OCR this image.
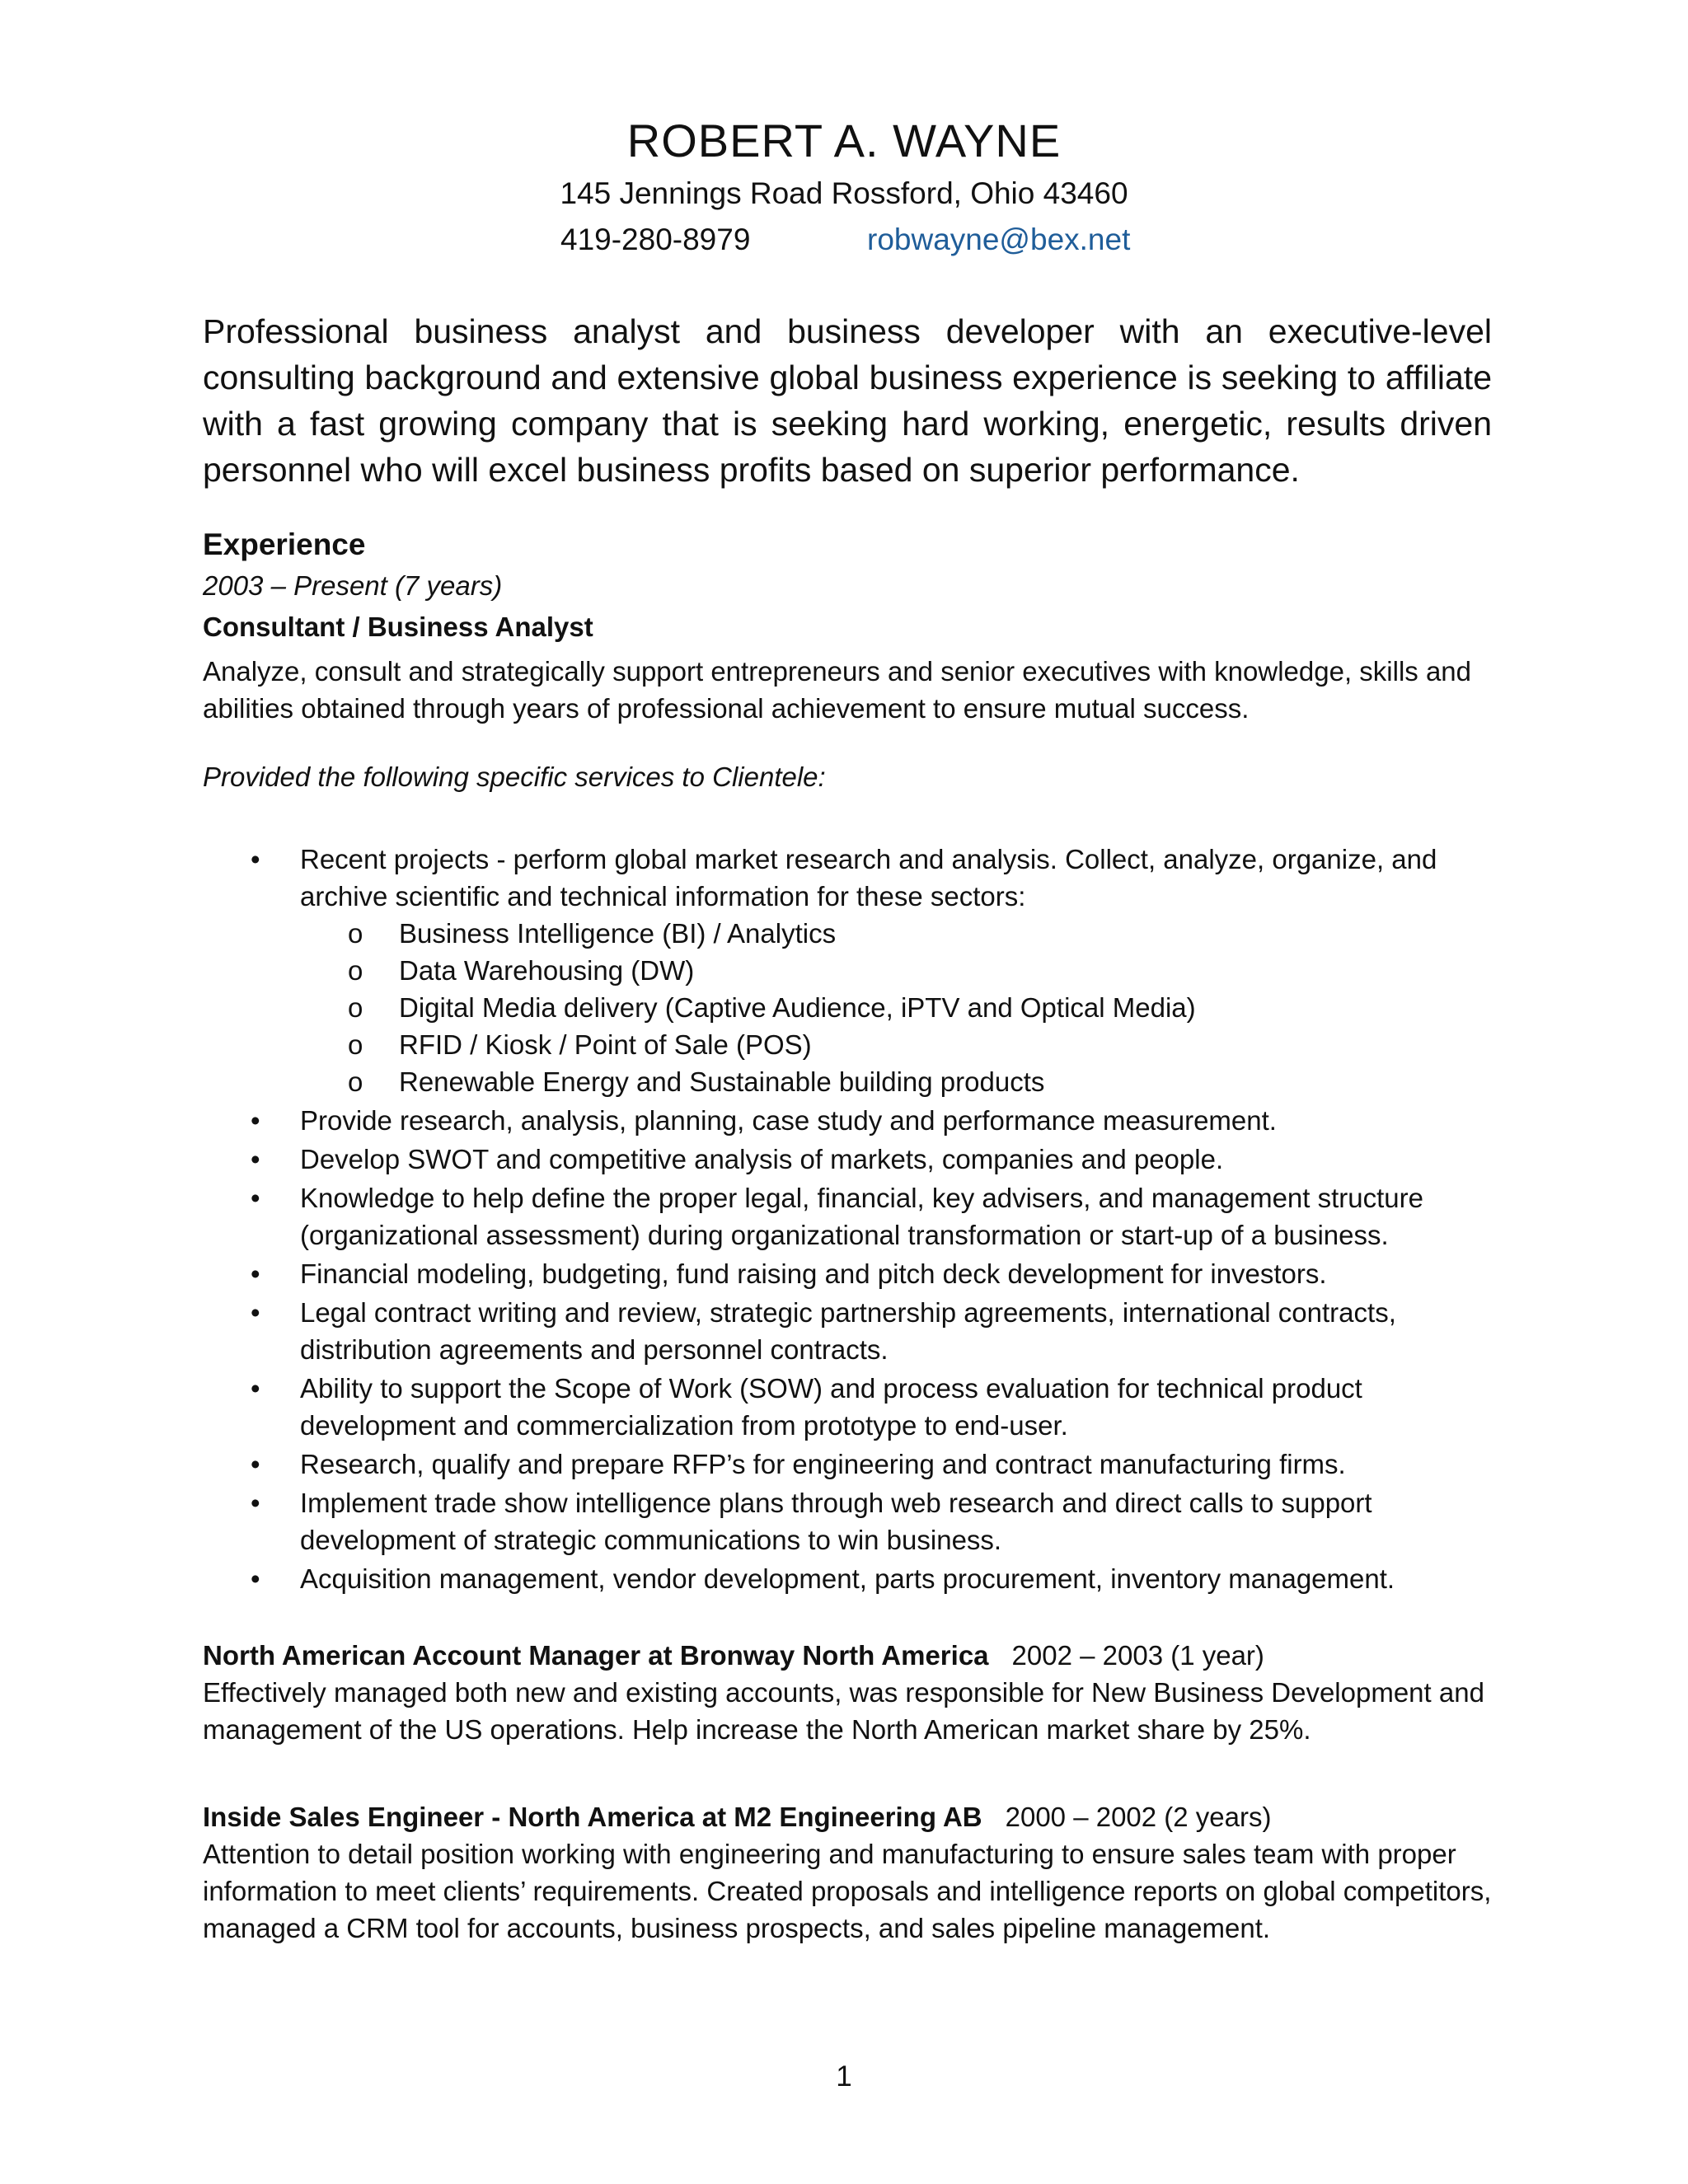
ROBERT A. WAYNE
145 Jennings Road Rossford, Ohio 43460
419-280-8979	robwayne@bex.net
Professional business analyst and business developer with an executive-level consulting background and extensive global business experience is seeking to affiliate with a fast growing company that is seeking hard working, energetic, results driven personnel who will excel business profits based on superior performance.
Experience
2003 – Present (7 years)
Consultant / Business Analyst
Analyze, consult and strategically support entrepreneurs and senior executives with knowledge, skills and abilities obtained through years of professional achievement to ensure mutual success.
Provided the following specific services to Clientele:
• Recent projects - perform global market research and analysis. Collect, analyze, organize, and archive scientific and technical information for these sectors:
o Business Intelligence (BI) / Analytics
o Data Warehousing (DW)
o Digital Media delivery (Captive Audience, iPTV and Optical Media)
o RFID / Kiosk / Point of Sale (POS)
o Renewable Energy and Sustainable building products
• Provide research, analysis, planning, case study and performance measurement.
• Develop SWOT and competitive analysis of markets, companies and people.
• Knowledge to help define the proper legal, financial, key advisers, and management structure (organizational assessment) during organizational transformation or start-up of a business.
• Financial modeling, budgeting, fund raising and pitch deck development for investors.
• Legal contract writing and review, strategic partnership agreements, international contracts, distribution agreements and personnel contracts.
• Ability to support the Scope of Work (SOW) and process evaluation for technical product development and commercialization from prototype to end-user.
• Research, qualify and prepare RFP’s for engineering and contract manufacturing firms.
• Implement trade show intelligence plans through web research and direct calls to support development of strategic communications to win business.
• Acquisition management, vendor development, parts procurement, inventory management.
North American Account Manager at Bronway North America 2002 – 2003 (1 year)
Effectively managed both new and existing accounts, was responsible for New Business Development and management of the US operations. Help increase the North American market share by 25%.
Inside Sales Engineer - North America at M2 Engineering AB 2000 – 2002 (2 years)
Attention to detail position working with engineering and manufacturing to ensure sales team with proper information to meet clients’ requirements. Created proposals and intelligence reports on global competitors, managed a CRM tool for accounts, business prospects, and sales pipeline management.
1
